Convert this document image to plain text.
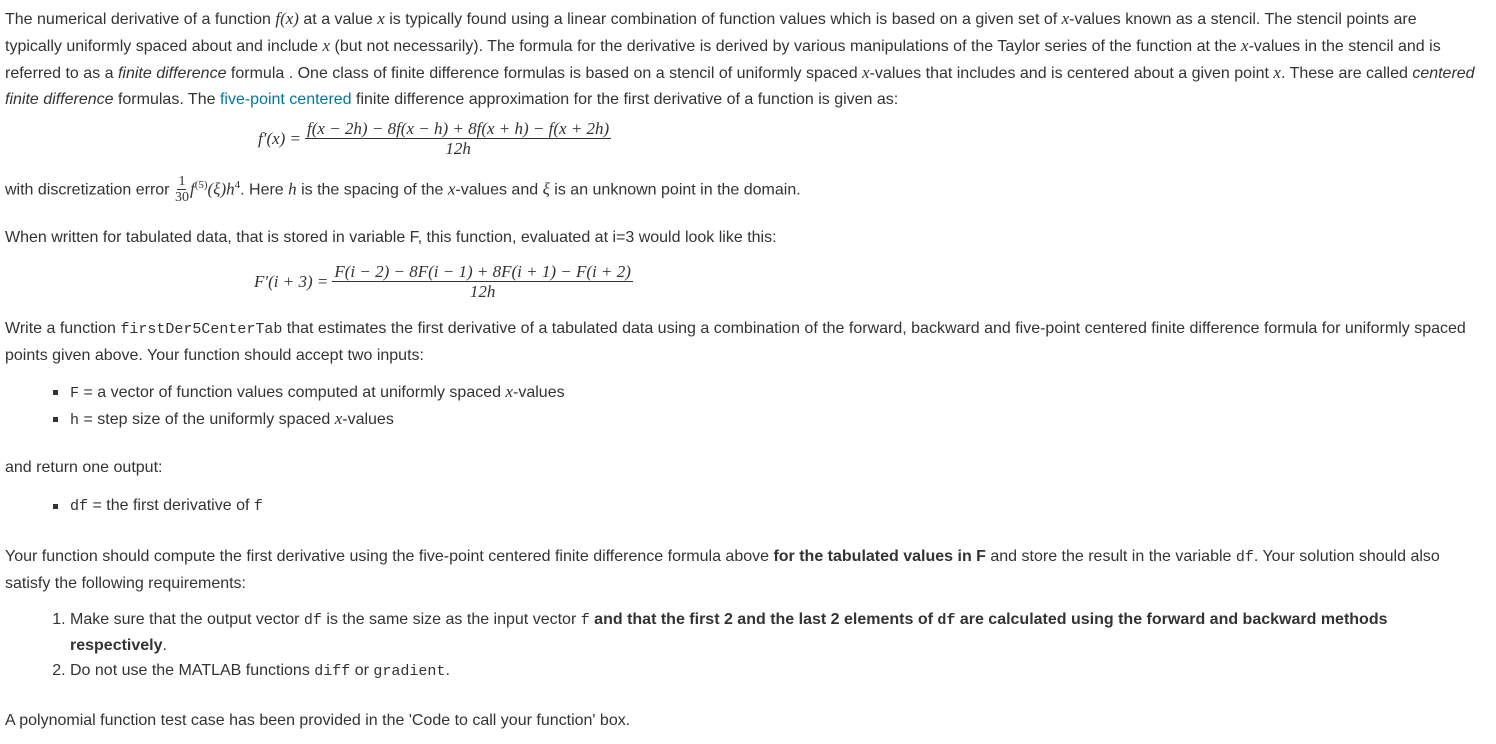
The numerical derivative of a function f(x) at a value x is typically found using a linear combination of function values which is based on a given set of x-values known as a stencil. The stencil points are typically uniformly spaced about and include x (but not necessarily). The formula for the derivative is derived by various manipulations of the Taylor series of the function at the x-values in the stencil and is referred to as a finite difference formula . One class of finite difference formulas is based on a stencil of uniformly spaced x-values that includes and is centered about a given point x. These are called centered finite difference formulas. The five-point centered finite difference approximation for the first derivative of a function is given as:

$f'(x) = \frac{f(x - 2h) - 8f(x - h) + 8f(x + h) - f(x + 2h)}{12h}$

with discretization error $\frac{1}{30} f^{(5)}(\xi)h^4$. Here h is the spacing of the x-values and ξ is an unknown point in the domain.

When written for tabulated data, that is stored in variable F, this function, evaluated at i=3 would look like this:

$F'(i + 3) = \frac{F(i - 2) - 8F(i - 1) + 8F(i + 1) - F(i + 2)}{12h}$

Write a function firstDer5CenterTab that estimates the first derivative of a tabulated data using a combination of the forward, backward and five-point centered finite difference formula for uniformly spaced points given above. Your function should accept two inputs:

F = a vector of function values computed at uniformly spaced x-values
h = step size of the uniformly spaced x-values

and return one output:

df = the first derivative of f

Your function should compute the first derivative using the five-point centered finite difference formula above for the tabulated values in F and store the result in the variable df. Your solution should also satisfy the following requirements:

1. Make sure that the output vector df is the same size as the input vector f and that the first 2 and the last 2 elements of df are calculated using the forward and backward methods respectively.
2. Do not use the MATLAB functions diff or gradient.

A polynomial function test case has been provided in the 'Code to call your function' box.
